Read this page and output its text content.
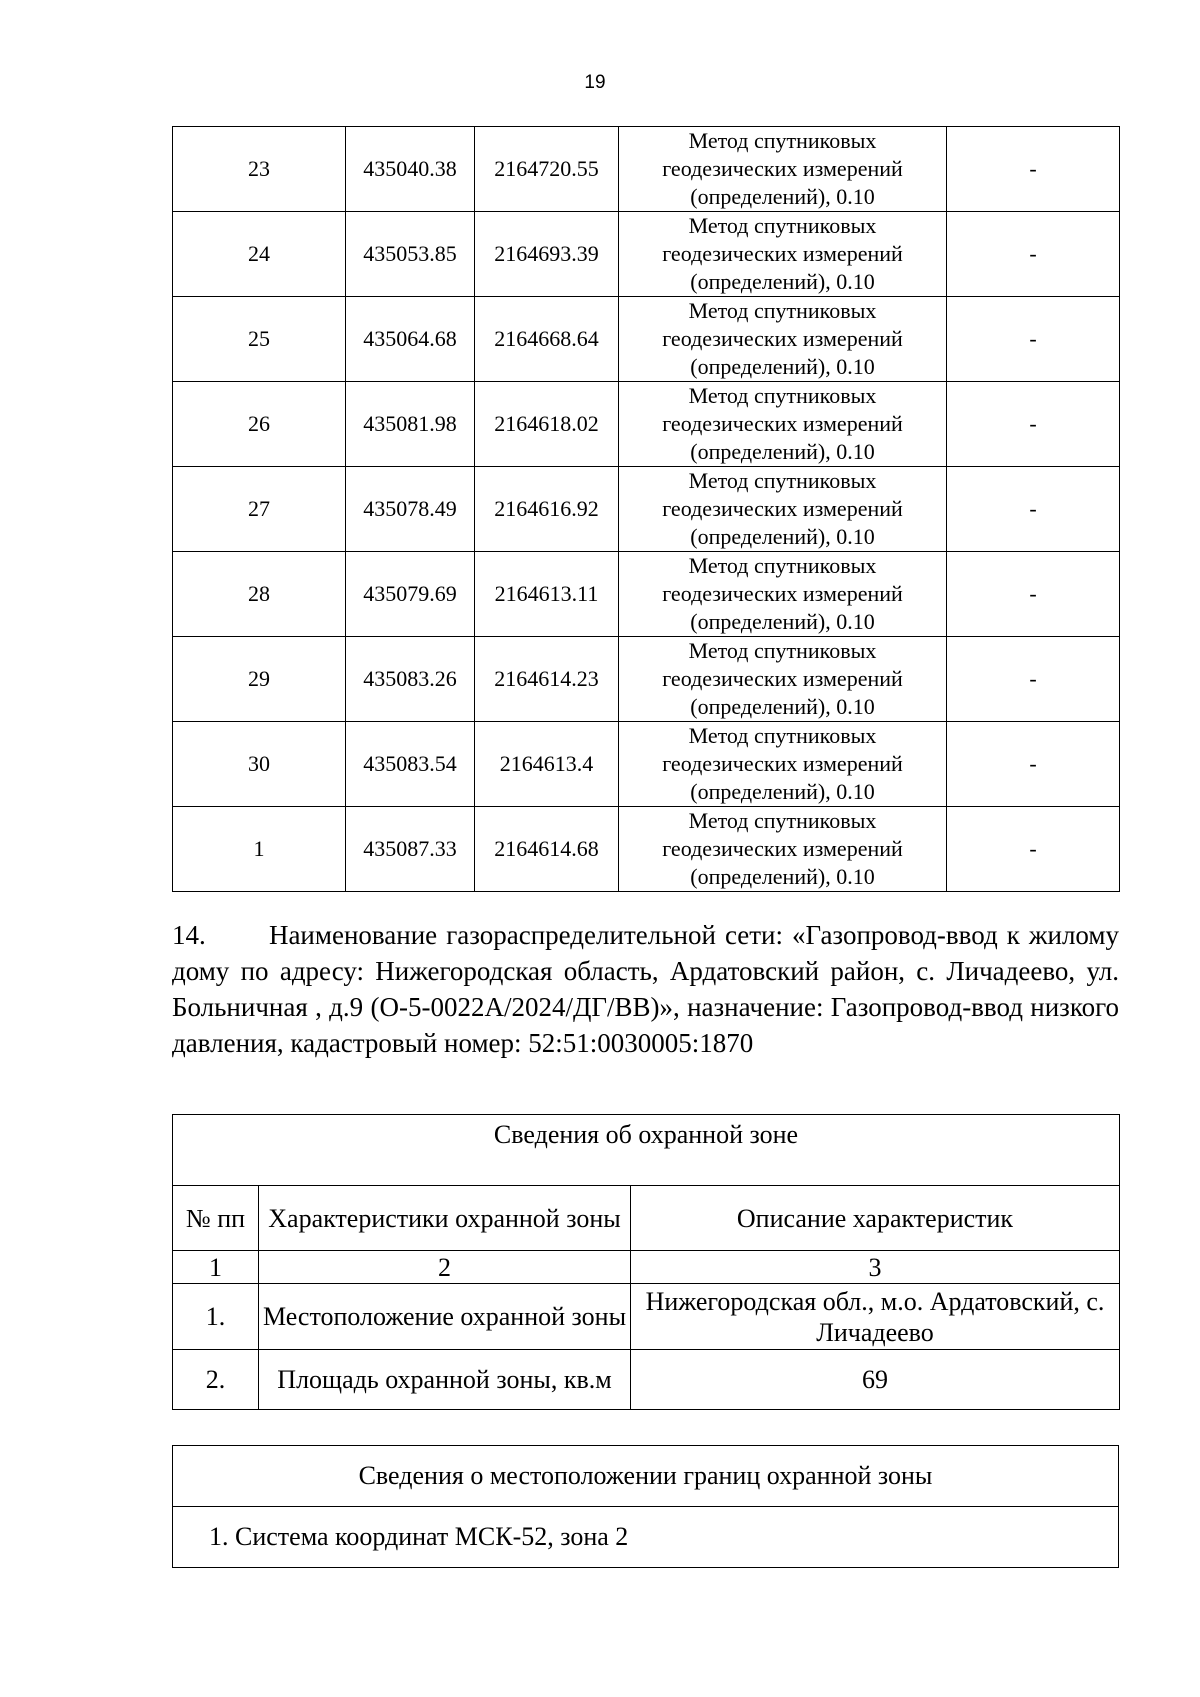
19
23	435040.38	2164720.55	Метод спутниковых
геодезических измерений
(определений), 0.10	-
24	435053.85	2164693.39	Метод спутниковых
геодезических измерений
(определений), 0.10	-
25	435064.68	2164668.64	Метод спутниковых
геодезических измерений
(определений), 0.10	-
26	435081.98	2164618.02	Метод спутниковых
геодезических измерений
(определений), 0.10	-
27	435078.49	2164616.92	Метод спутниковых
геодезических измерений
(определений), 0.10	-
28	435079.69	2164613.11	Метод спутниковых
геодезических измерений
(определений), 0.10	-
29	435083.26	2164614.23	Метод спутниковых
геодезических измерений
(определений), 0.10	-
30	435083.54	2164613.4	Метод спутниковых
геодезических измерений
(определений), 0.10	-
1	435087.33	2164614.68	Метод спутниковых
геодезических измерений
(определений), 0.10	-
14. Наименование газораспределительной сети: «Газопровод-ввод к жилому дому по адресу: Нижегородская область, Ардатовский район, с. Личадеево, ул. Больничная , д.9 (О-5-0022А/2024/ДГ/ВВ)», назначение: Газопровод-ввод низкого давления, кадастровый номер: 52:51:0030005:1870
Сведения об охранной зоне		
№ пп	Характеристики охранной зоны	Описание характеристик
1	2	3
1.	Местоположение охранной зоны	Нижегородская обл., м.о. Ардатовский, с. Личадеево
2.	Площадь охранной зоны, кв.м	69
Сведения о местоположении границ охранной зоны
1. Система координат МСК-52, зона 2
